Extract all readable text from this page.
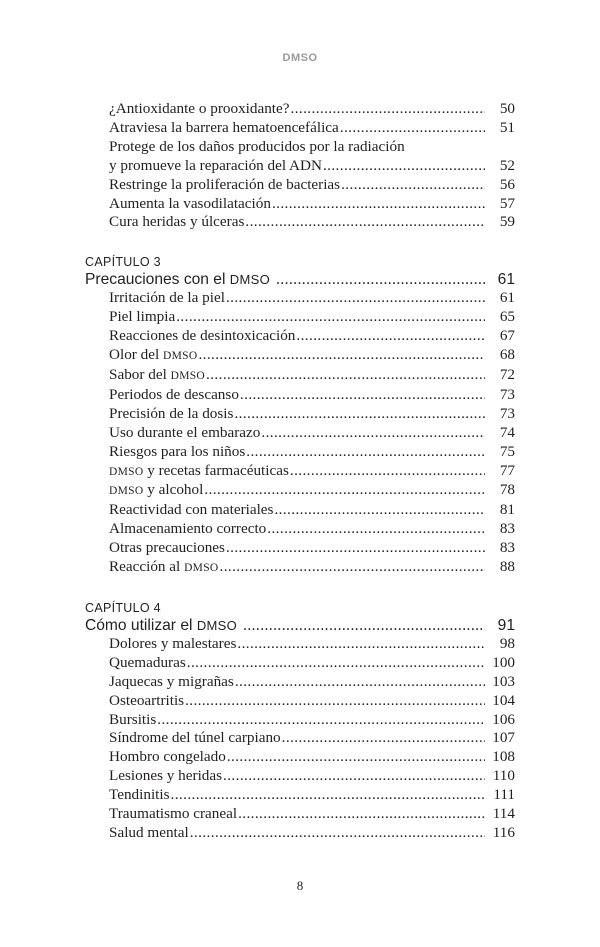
DMSO
¿Antioxidante o prooxidante? .....	50
Atraviesa la barrera hematoencefálica .....	51
Protege de los daños producidos por la radiación
y promueve la reparación del ADN .....	52
Restringe la proliferación de bacterias .....	56
Aumenta la vasodilatación .....	57
Cura heridas y úlceras .....	59
CAPÍTULO 3
Precauciones con el DMSO .....	61
Irritación de la piel .....	61
Piel limpia .....	65
Reacciones de desintoxicación .....	67
Olor del DMSO .....	68
Sabor del DMSO .....	72
Periodos de descanso .....	73
Precisión de la dosis .....	73
Uso durante el embarazo .....	74
Riesgos para los niños .....	75
DMSO y recetas farmacéuticas .....	77
DMSO y alcohol .....	78
Reactividad con materiales .....	81
Almacenamiento correcto .....	83
Otras precauciones .....	83
Reacción al DMSO .....	88
CAPÍTULO 4
Cómo utilizar el DMSO .....	91
Dolores y malestares .....	98
Quemaduras .....	100
Jaquecas y migrañas .....	103
Osteoartritis .....	104
Bursitis .....	106
Síndrome del túnel carpiano .....	107
Hombro congelado .....	108
Lesiones y heridas .....	110
Tendinitis .....	111
Traumatismo craneal .....	114
Salud mental .....	116
8
